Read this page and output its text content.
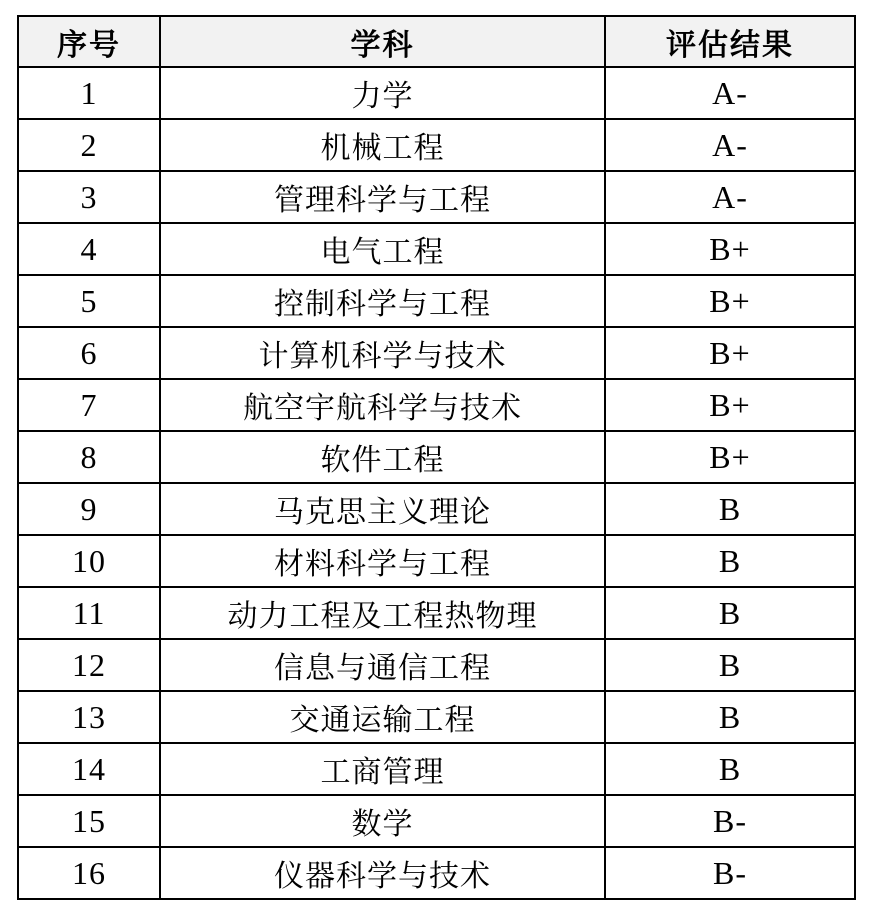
序号	学科	评估结果
1	力学	A-
2	机械工程	A-
3	管理科学与工程	A-
4	电气工程	B+
5	控制科学与工程	B+
6	计算机科学与技术	B+
7	航空宇航科学与技术	B+
8	软件工程	B+
9	马克思主义理论	B
10	材料科学与工程	B
11	动力工程及工程热物理	B
12	信息与通信工程	B
13	交通运输工程	B
14	工商管理	B
15	数学	B-
16	仪器科学与技术	B-
